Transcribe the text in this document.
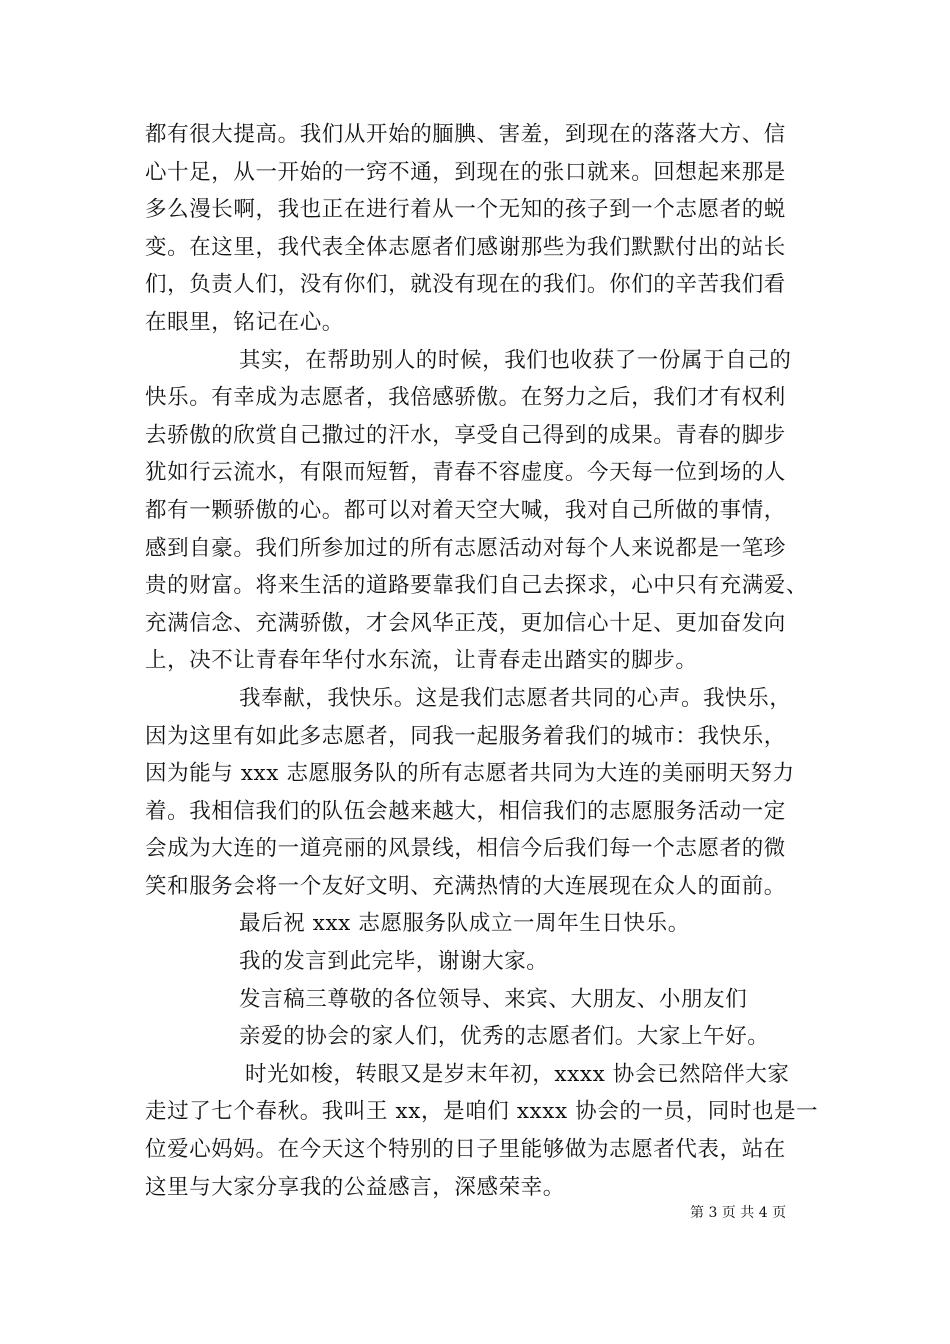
都有很大提高。我们从开始的腼腆、害羞，到现在的落落大方、信
心十足，从一开始的一窍不通，到现在的张口就来。回想起来那是
多么漫长啊，我也正在进行着从一个无知的孩子到一个志愿者的蜕
变。在这里，我代表全体志愿者们感谢那些为我们默默付出的站长
们，负责人们，没有你们，就没有现在的我们。你们的辛苦我们看
在眼里，铭记在心。
其实，在帮助别人的时候，我们也收获了一份属于自己的
快乐。有幸成为志愿者，我倍感骄傲。在努力之后，我们才有权利
去骄傲的欣赏自己撒过的汗水，享受自己得到的成果。青春的脚步
犹如行云流水，有限而短暂，青春不容虚度。今天每一位到场的人
都有一颗骄傲的心。都可以对着天空大喊，我对自己所做的事情，
感到自豪。我们所参加过的所有志愿活动对每个人来说都是一笔珍
贵的财富。将来生活的道路要靠我们自己去探求，心中只有充满爱、
充满信念、充满骄傲，才会风华正茂，更加信心十足、更加奋发向
上，决不让青春年华付水东流，让青春走出踏实的脚步。
我奉献，我快乐。这是我们志愿者共同的心声。我快乐，
因为这里有如此多志愿者，同我一起服务着我们的城市：我快乐，
因为能与 xxx 志愿服务队的所有志愿者共同为大连的美丽明天努力
着。我相信我们的队伍会越来越大，相信我们的志愿服务活动一定
会成为大连的一道亮丽的风景线，相信今后我们每一个志愿者的微
笑和服务会将一个友好文明、充满热情的大连展现在众人的面前。
最后祝 xxx 志愿服务队成立一周年生日快乐。
我的发言到此完毕，谢谢大家。
发言稿三尊敬的各位领导、来宾、大朋友、小朋友们
亲爱的协会的家人们，优秀的志愿者们。大家上午好。
时光如梭，转眼又是岁末年初，xxxx 协会已然陪伴大家
走过了七个春秋。我叫王 xx，是咱们 xxxx 协会的一员，同时也是一
位爱心妈妈。在今天这个特别的日子里能够做为志愿者代表，站在
这里与大家分享我的公益感言，深感荣幸。
第 3 页 共 4 页
